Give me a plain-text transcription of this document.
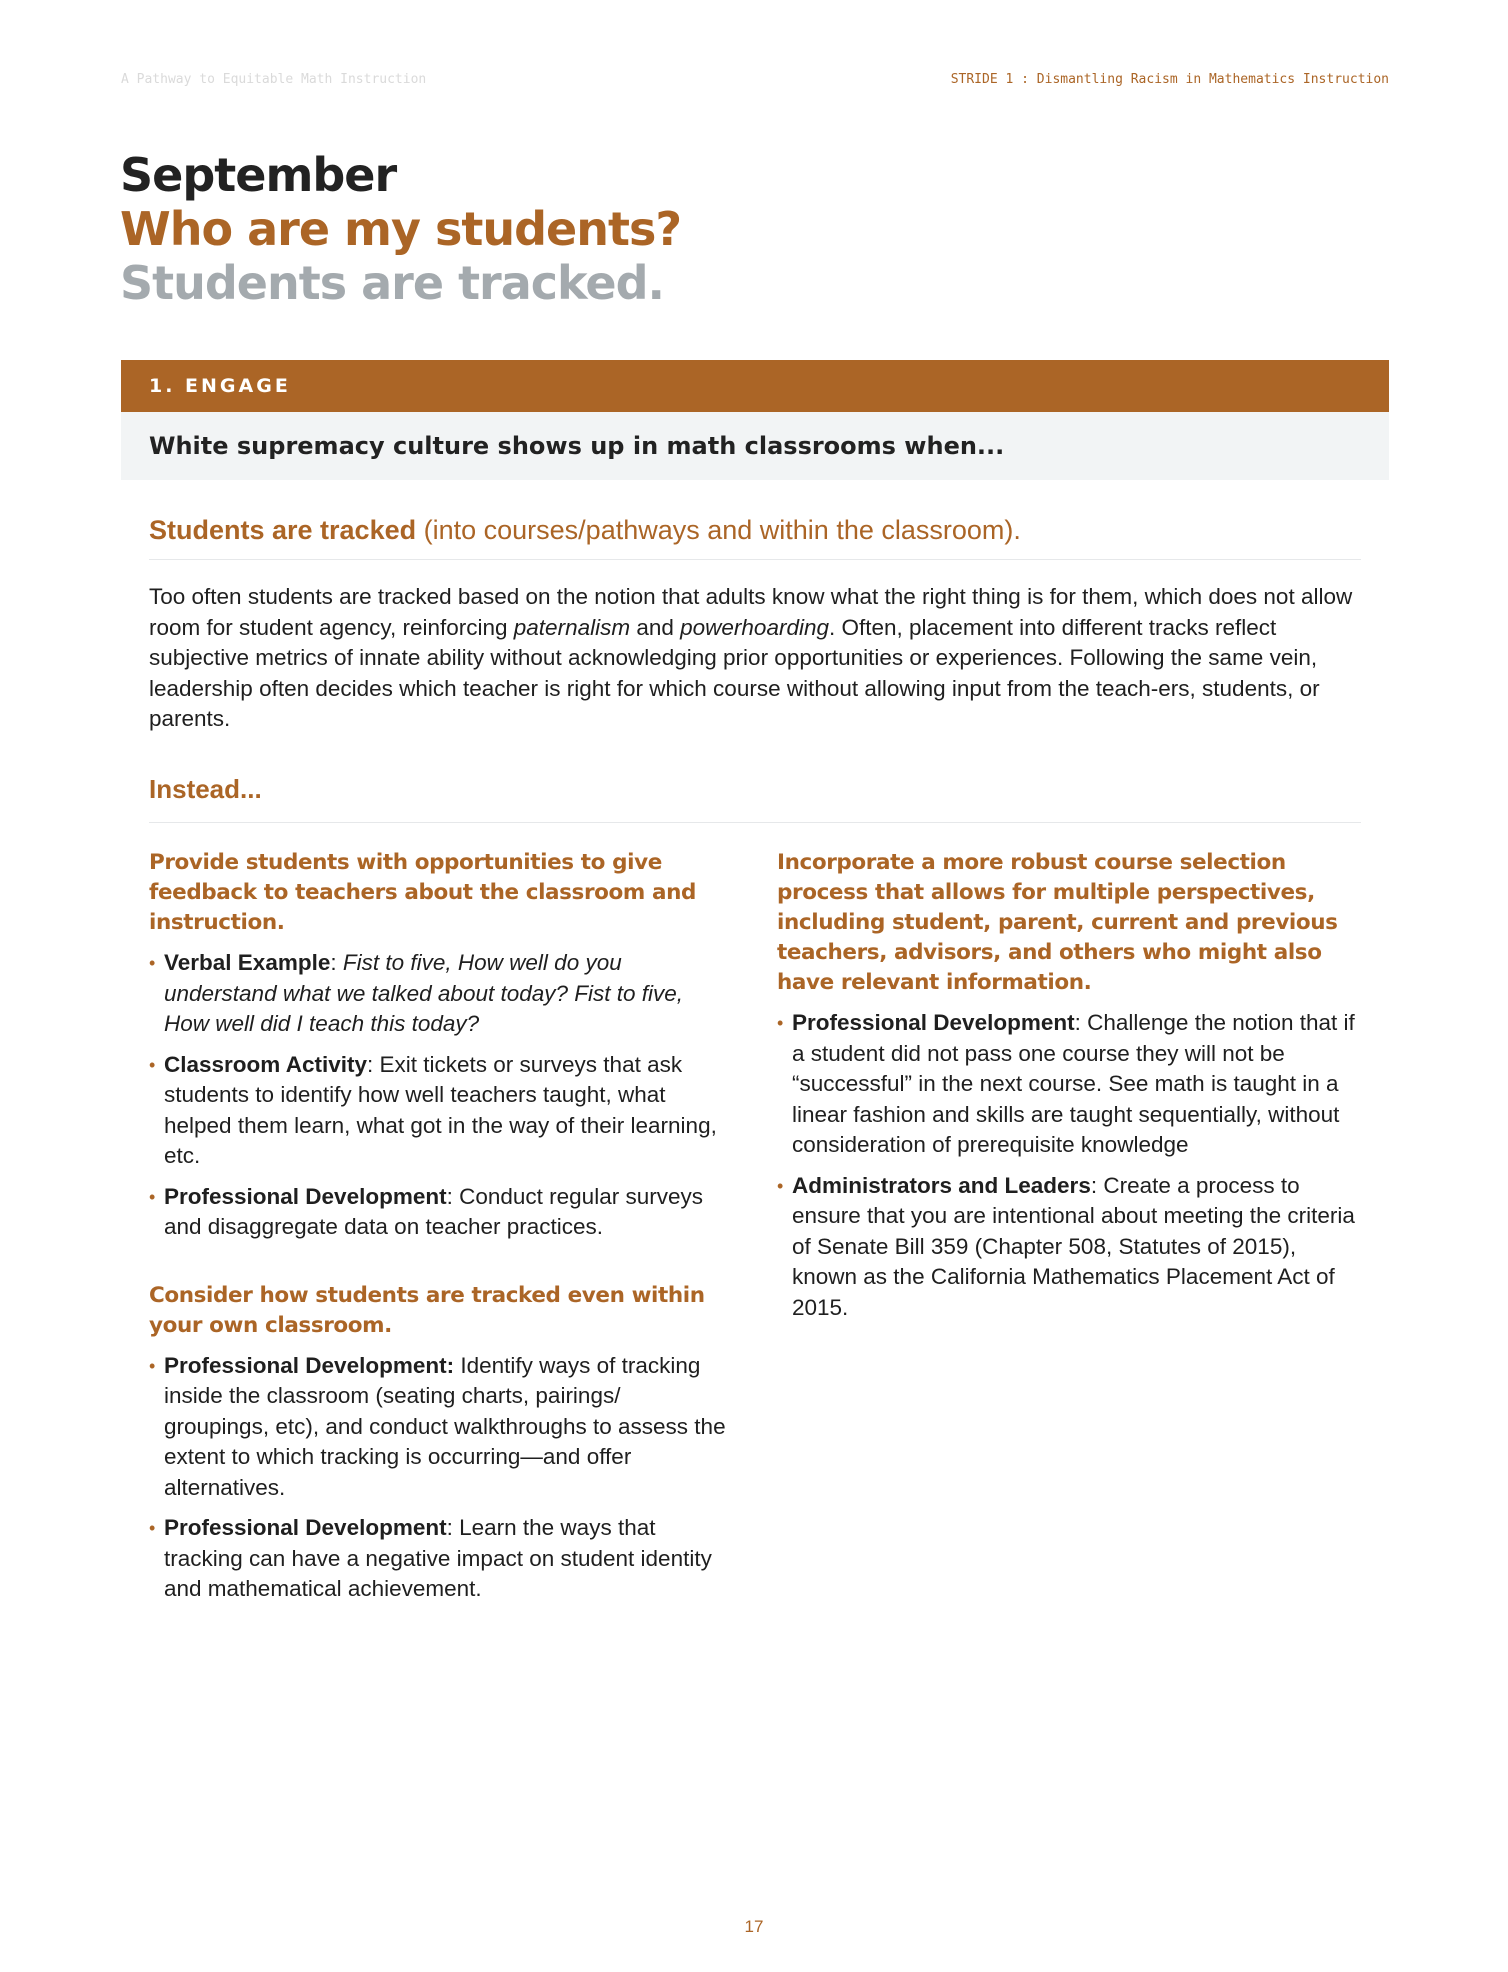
A Pathway to Equitable Math Instruction	STRIDE 1 : Dismantling Racism in Mathematics Instruction
September
Who are my students?
Students are tracked.
1. ENGAGE
White supremacy culture shows up in math classrooms when...
Students are tracked (into courses/pathways and within the classroom).
Too often students are tracked based on the notion that adults know what the right thing is for them, which does not allow room for student agency, reinforcing paternalism and powerhoarding. Often, placement into different tracks reflect subjective metrics of innate ability without acknowledging prior opportunities or experiences. Following the same vein, leadership often decides which teacher is right for which course without allowing input from the teach-ers, students, or parents.
Instead...

Provide students with opportunities to give feedback to teachers about the classroom and instruction.

• Verbal Example: Fist to five, How well do you understand what we talked about today? Fist to five, How well did I teach this today?
• Classroom Activity: Exit tickets or surveys that ask students to identify how well teachers taught, what helped them learn, what got in the way of their learning, etc.
• Professional Development: Conduct regular surveys and disaggregate data on teacher practices.

Consider how students are tracked even within your own classroom.

• Professional Development: Identify ways of tracking inside the classroom (seating charts, pairings/ groupings, etc), and conduct walkthroughs to assess the extent to which tracking is occurring—and offer alternatives.
• Professional Development: Learn the ways that tracking can have a negative impact on student identity and mathematical achievement.

Incorporate a more robust course selection process that allows for multiple perspectives, including student, parent, current and previous teachers, advisors, and others who might also have relevant information.

• Professional Development: Challenge the notion that if a student did not pass one course they will not be “successful” in the next course. See math is taught in a linear fashion and skills are taught sequentially, without consideration of prerequisite knowledge
• Administrators and Leaders: Create a process to ensure that you are intentional about meeting the criteria of Senate Bill 359 (Chapter 508, Statutes of 2015), known as the California Mathematics Placement Act of 2015.
17
